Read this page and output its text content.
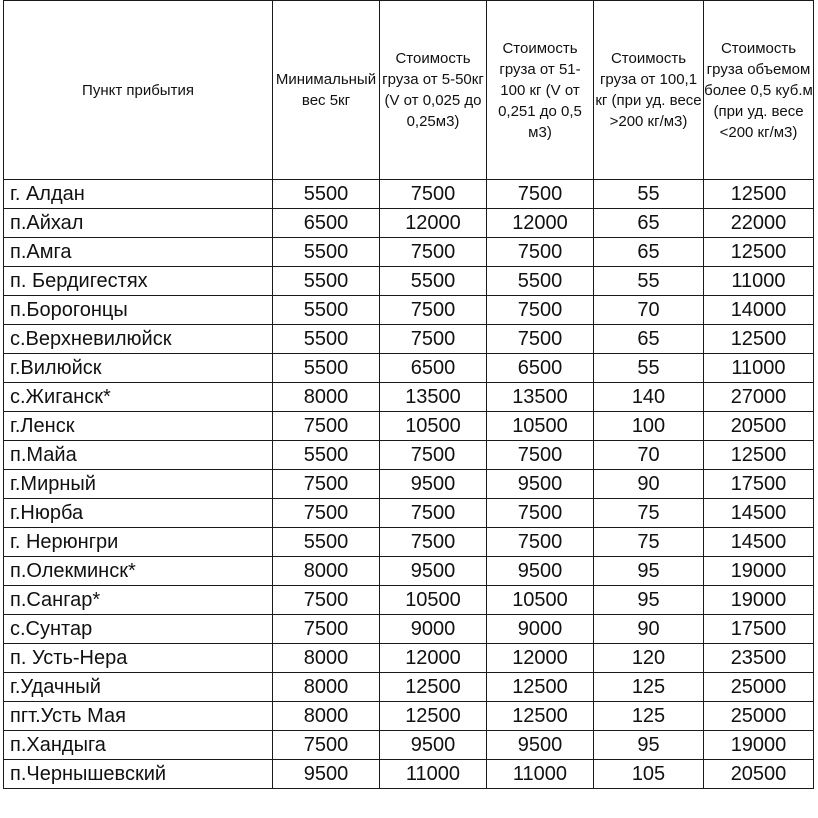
Пункт прибытия	Минимальный вес 5кг	Стоимость груза от 5-50кг (V от 0,025 до 0,25м3)	Стоимость груза от 51-100 кг (V от 0,251 до 0,5 м3)	Стоимость груза от 100,1 кг (при уд. весе >200 кг/м3)	Стоимость груза объемом более 0,5 куб.м (при уд. весе <200 кг/м3)
г. Алдан	5500	7500	7500	55	12500
п.Айхал	6500	12000	12000	65	22000
п.Амга	5500	7500	7500	65	12500
п. Бердигестях	5500	5500	5500	55	11000
п.Борогонцы	5500	7500	7500	70	14000
с.Верхневилюйск	5500	7500	7500	65	12500
г.Вилюйск	5500	6500	6500	55	11000
с.Жиганск*	8000	13500	13500	140	27000
г.Ленск	7500	10500	10500	100	20500
п.Майа	5500	7500	7500	70	12500
г.Мирный	7500	9500	9500	90	17500
г.Нюрба	7500	7500	7500	75	14500
г. Нерюнгри	5500	7500	7500	75	14500
п.Олекминск*	8000	9500	9500	95	19000
п.Сангар*	7500	10500	10500	95	19000
с.Сунтар	7500	9000	9000	90	17500
п. Усть-Нера	8000	12000	12000	120	23500
г.Удачный	8000	12500	12500	125	25000
пгт.Усть Мая	8000	12500	12500	125	25000
п.Хандыга	7500	9500	9500	95	19000
п.Чернышевский	9500	11000	11000	105	20500
